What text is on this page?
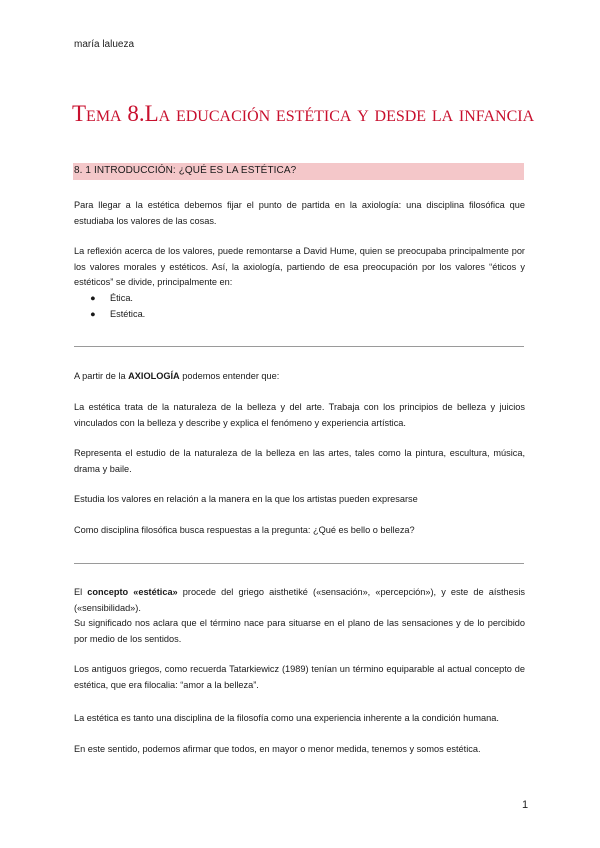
maría lalueza
Tema 8.La educación estética y desde la infancia
8. 1 INTRODUCCIÓN: ¿QUÉ ES LA ESTÉTICA?
Para llegar a la estética debemos fijar el punto de partida en la axiología: una disciplina filosófica que estudiaba los valores de las cosas.
La reflexión acerca de los valores, puede remontarse a David Hume, quien se preocupaba principalmente por los valores morales y estéticos. Así, la axiología, partiendo de esa preocupación por los valores “éticos y estéticos” se divide, principalmente en:
● Ética.
● Estética.
A partir de la AXIOLOGÍA podemos entender que:
La estética trata de la naturaleza de la belleza y del arte. Trabaja con los principios de belleza y juicios vinculados con la belleza y describe y explica el fenómeno y experiencia artística.
Representa el estudio de la naturaleza de la belleza en las artes, tales como la pintura, escultura, música, drama y baile.
Estudia los valores en relación a la manera en la que los artistas pueden expresarse
Como disciplina filosófica busca respuestas a la pregunta: ¿Qué es bello o belleza?
El concepto «estética» procede del griego aisthetiké («sensación», «percepción»), y este de aísthesis («sensibilidad»).
Su significado nos aclara que el término nace para situarse en el plano de las sensaciones y de lo percibido por medio de los sentidos.
Los antiguos griegos, como recuerda Tatarkiewicz (1989) tenían un término equiparable al actual concepto de estética, que era filocalia: “amor a la belleza”.
La estética es tanto una disciplina de la filosofía como una experiencia inherente a la condición humana.
En este sentido, podemos afirmar que todos, en mayor o menor medida, tenemos y somos estética.
1
